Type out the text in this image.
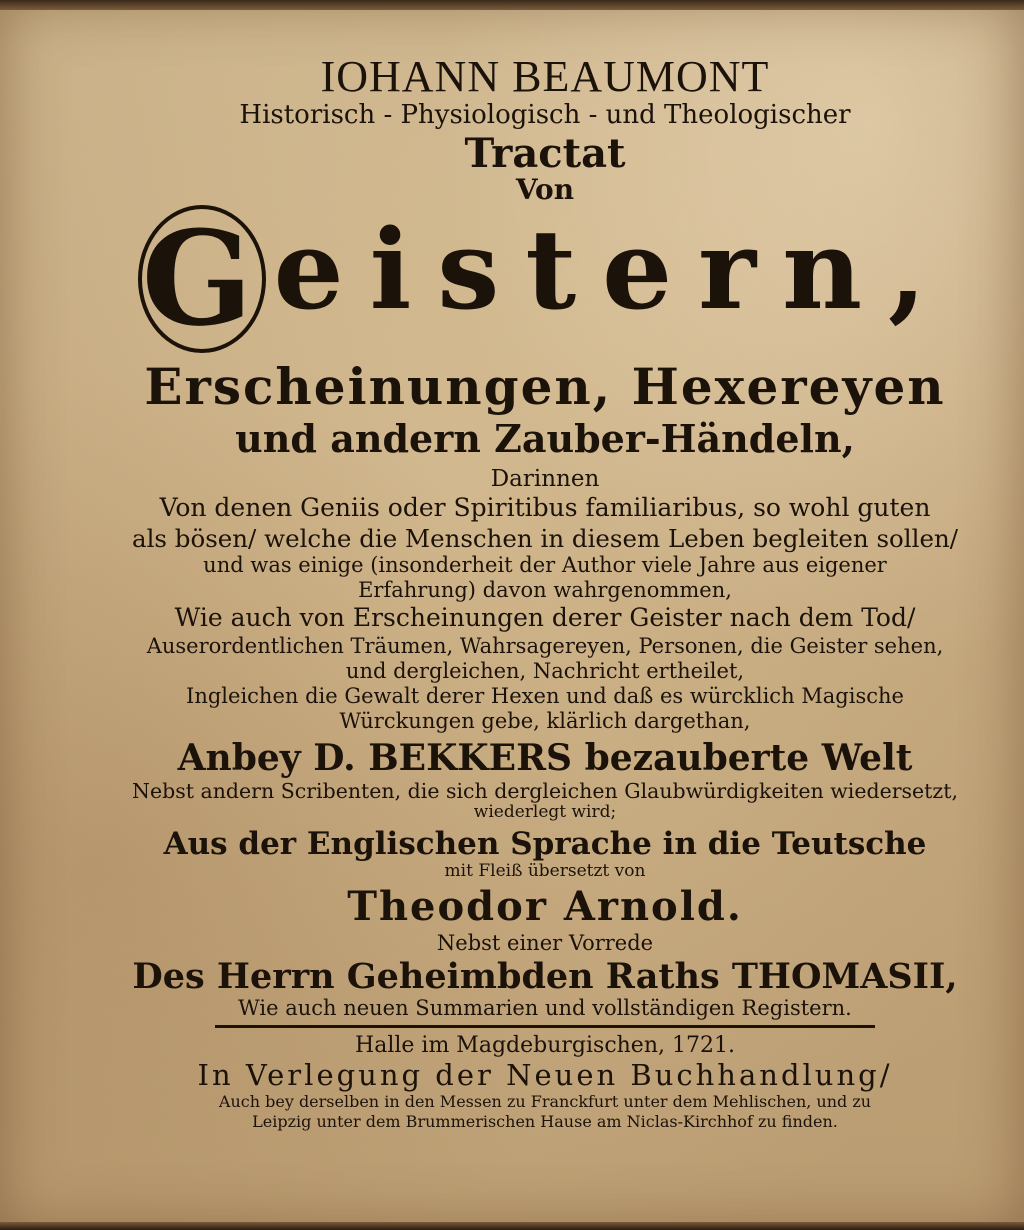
IOHANN BEAUMONT
Historisch - Physiologisch - und Theologischer
Tractat
Von
Geistern,
Erscheinungen, Hexereyen
und andern Zauber-Händeln,
Darinnen
Von denen Geniis oder Spiritibus familiaribus, so wohl guten
als bösen/ welche die Menschen in diesem Leben begleiten sollen/
und was einige (insonderheit der Author viele Jahre aus eigener
Erfahrung) davon wahrgenommen,
Wie auch von Erscheinungen derer Geister nach dem Tod/
Auserordentlichen Träumen, Wahrsagereyen, Personen, die Geister sehen,
und dergleichen, Nachricht ertheilet,
Ingleichen die Gewalt derer Hexen und daß es würcklich Magische
Würckungen gebe, klärlich dargethan,
Anbey D. BEKKERS bezauberte Welt
Nebst andern Scribenten, die sich dergleichen Glaubwürdigkeiten wiedersetzt,
wiederlegt wird;
Aus der Englischen Sprache in die Teutsche
mit Fleiß übersetzt von
Theodor Arnold.
Nebst einer Vorrede
Des Herrn Geheimbden Raths THOMASII,
Wie auch neuen Summarien und vollständigen Registern.
Halle im Magdeburgischen, 1721.
In Verlegung der Neuen Buchhandlung/
Auch bey derselben in den Messen zu Franckfurt unter dem Mehlischen, und zu
Leipzig unter dem Brummerischen Hause am Niclas-Kirchhof zu finden.
